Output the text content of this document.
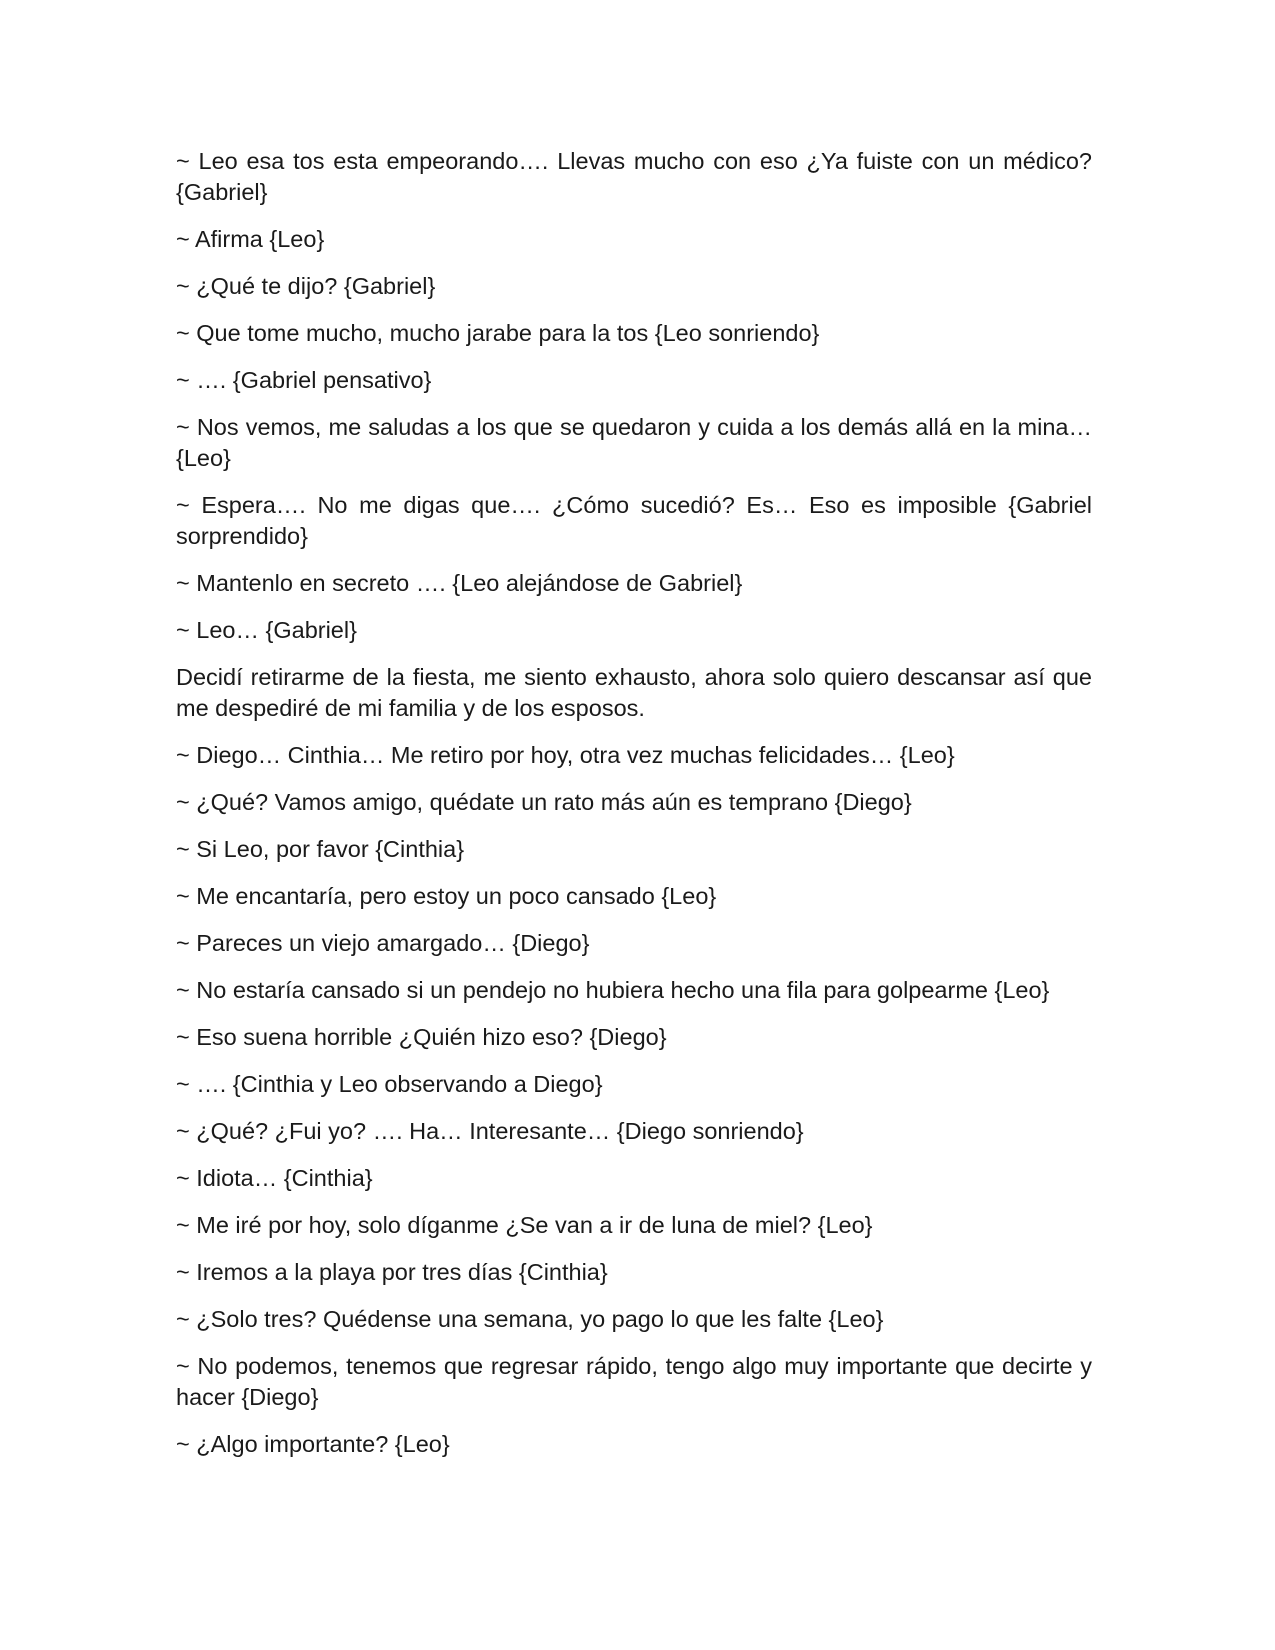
~ Leo esa tos esta empeorando…. Llevas mucho con eso ¿Ya fuiste con un médico? {Gabriel}

~ Afirma {Leo}

~ ¿Qué te dijo? {Gabriel}

~ Que tome mucho, mucho jarabe para la tos {Leo sonriendo}

~ …. {Gabriel pensativo}

~ Nos vemos, me saludas a los que se quedaron y cuida a los demás allá en la mina… {Leo}

~ Espera…. No me digas que…. ¿Cómo sucedió? Es… Eso es imposible {Gabriel sorprendido}

~ Mantenlo en secreto …. {Leo alejándose de Gabriel}

~ Leo… {Gabriel}

Decidí retirarme de la fiesta, me siento exhausto, ahora solo quiero descansar así que me despediré de mi familia y de los esposos.

~ Diego… Cinthia… Me retiro por hoy, otra vez muchas felicidades… {Leo}

~ ¿Qué? Vamos amigo, quédate un rato más aún es temprano {Diego}

~ Si Leo, por favor {Cinthia}

~ Me encantaría, pero estoy un poco cansado {Leo}

~ Pareces un viejo amargado… {Diego}

~ No estaría cansado si un pendejo no hubiera hecho una fila para golpearme {Leo}

~ Eso suena horrible ¿Quién hizo eso? {Diego}

~ …. {Cinthia y Leo observando a Diego}

~ ¿Qué? ¿Fui yo? …. Ha… Interesante… {Diego sonriendo}

~ Idiota… {Cinthia}

~ Me iré por hoy, solo díganme ¿Se van a ir de luna de miel? {Leo}

~ Iremos a la playa por tres días {Cinthia}

~ ¿Solo tres? Quédense una semana, yo pago lo que les falte {Leo}

~ No podemos, tenemos que regresar rápido, tengo algo muy importante que decirte y hacer {Diego}

~ ¿Algo importante? {Leo}
